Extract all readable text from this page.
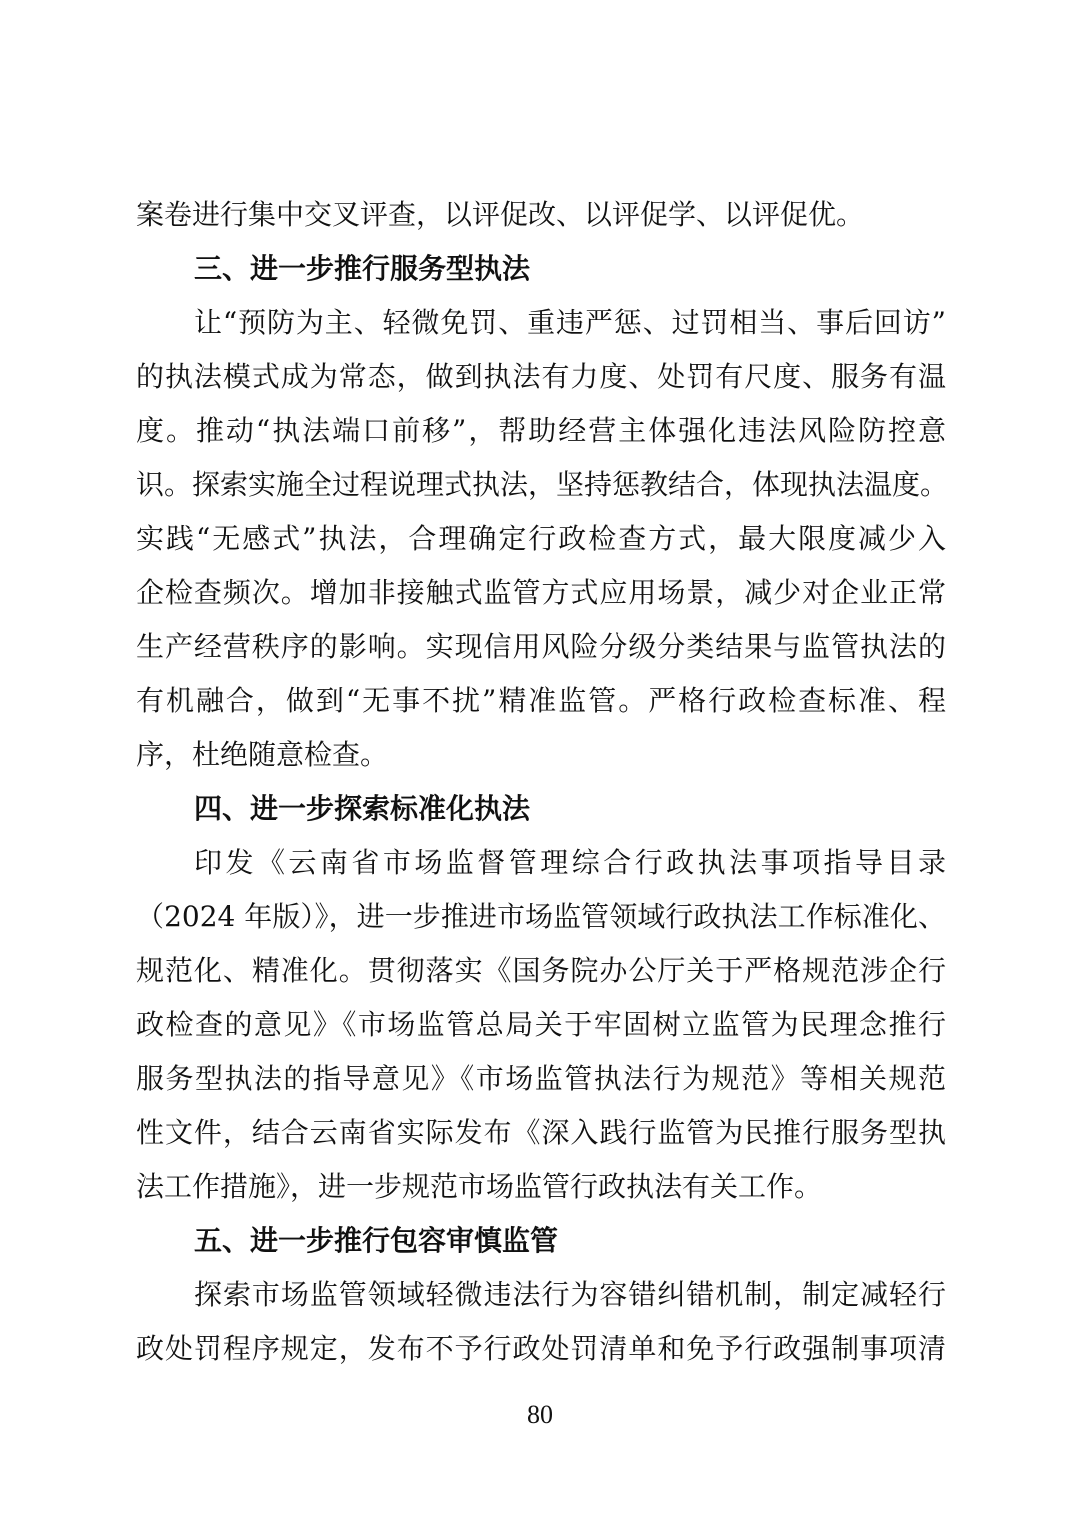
案卷进行集中交叉评查，以评促改、以评促学、以评促优。
三、进一步推行服务型执法
让“预防为主、轻微免罚、重违严惩、过罚相当、事后回访”
的执法模式成为常态，做到执法有力度、处罚有尺度、服务有温
度。推动“执法端口前移”，帮助经营主体强化违法风险防控意
识。探索实施全过程说理式执法，坚持惩教结合，体现执法温度。
实践“无感式”执法，合理确定行政检查方式，最大限度减少入
企检查频次。增加非接触式监管方式应用场景，减少对企业正常
生产经营秩序的影响。实现信用风险分级分类结果与监管执法的
有机融合，做到“无事不扰”精准监管。严格行政检查标准、程
序，杜绝随意检查。
四、进一步探索标准化执法
印发《云南省市场监督管理综合行政执法事项指导目录
（2024 年版）》，进一步推进市场监管领域行政执法工作标准化、
规范化、精准化。贯彻落实《国务院办公厅关于严格规范涉企行
政检查的意见》《市场监管总局关于牢固树立监管为民理念推行
服务型执法的指导意见》《市场监管执法行为规范》等相关规范
性文件，结合云南省实际发布《深入践行监管为民推行服务型执
法工作措施》，进一步规范市场监管行政执法有关工作。
五、进一步推行包容审慎监管
探索市场监管领域轻微违法行为容错纠错机制，制定减轻行
政处罚程序规定，发布不予行政处罚清单和免予行政强制事项清
80
